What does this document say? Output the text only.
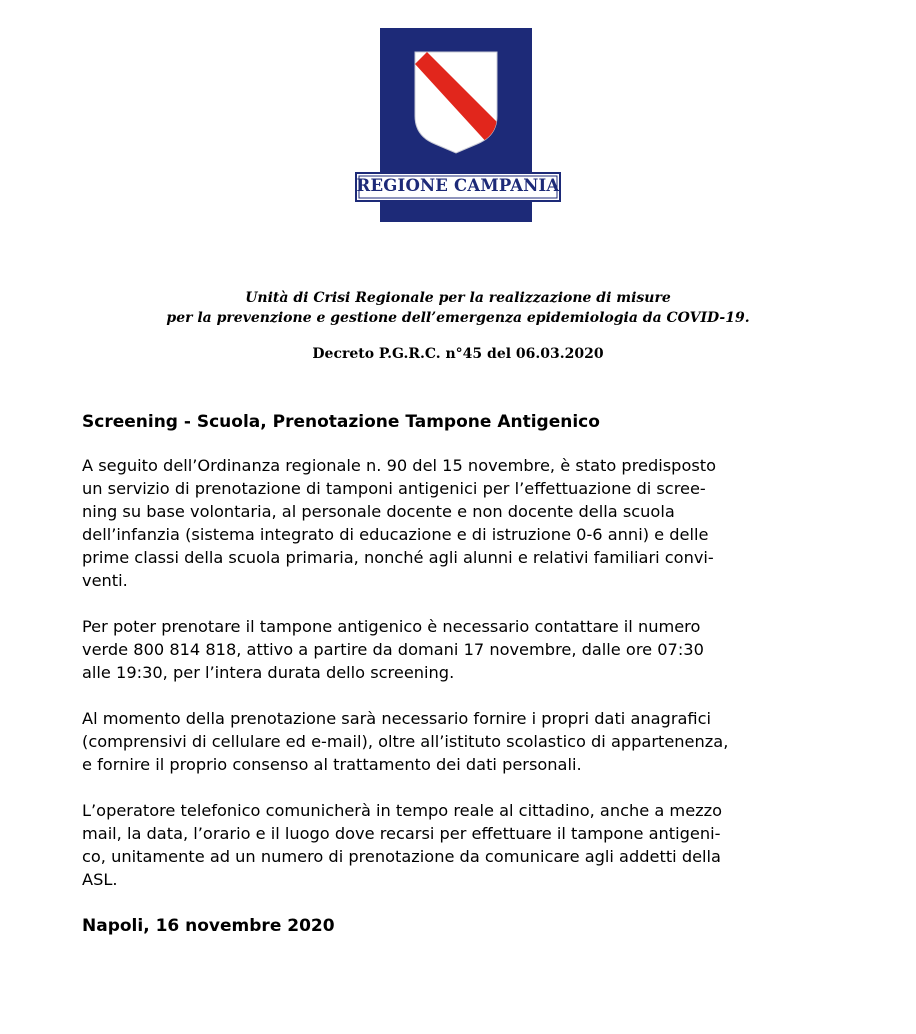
REGIONE CAMPANIA
Unità di Crisi Regionale per la realizzazione di misure
per la prevenzione e gestione dell’emergenza epidemiologia da COVID-19.
Decreto P.G.R.C. n°45 del 06.03.2020
Screening - Scuola, Prenotazione Tampone Antigenico
A seguito dell’Ordinanza regionale n. 90 del 15 novembre, è stato predisposto
un servizio di prenotazione di tamponi antigenici per l’effettuazione di scree-
ning su base volontaria, al personale docente e non docente della scuola
dell’infanzia (sistema integrato di educazione e di istruzione 0-6 anni) e delle
prime classi della scuola primaria, nonché agli alunni e relativi familiari convi-
venti.
Per poter prenotare il tampone antigenico è necessario contattare il numero
verde 800 814 818, attivo a partire da domani 17 novembre, dalle ore 07:30
alle 19:30, per l’intera durata dello screening.
Al momento della prenotazione sarà necessario fornire i propri dati anagrafici
(comprensivi di cellulare ed e-mail), oltre all’istituto scolastico di appartenenza,
e fornire il proprio consenso al trattamento dei dati personali.
L’operatore telefonico comunicherà in tempo reale al cittadino, anche a mezzo
mail, la data, l’orario e il luogo dove recarsi per effettuare il tampone antigeni-
co, unitamente ad un numero di prenotazione da comunicare agli addetti della
ASL.
Napoli, 16 novembre 2020
